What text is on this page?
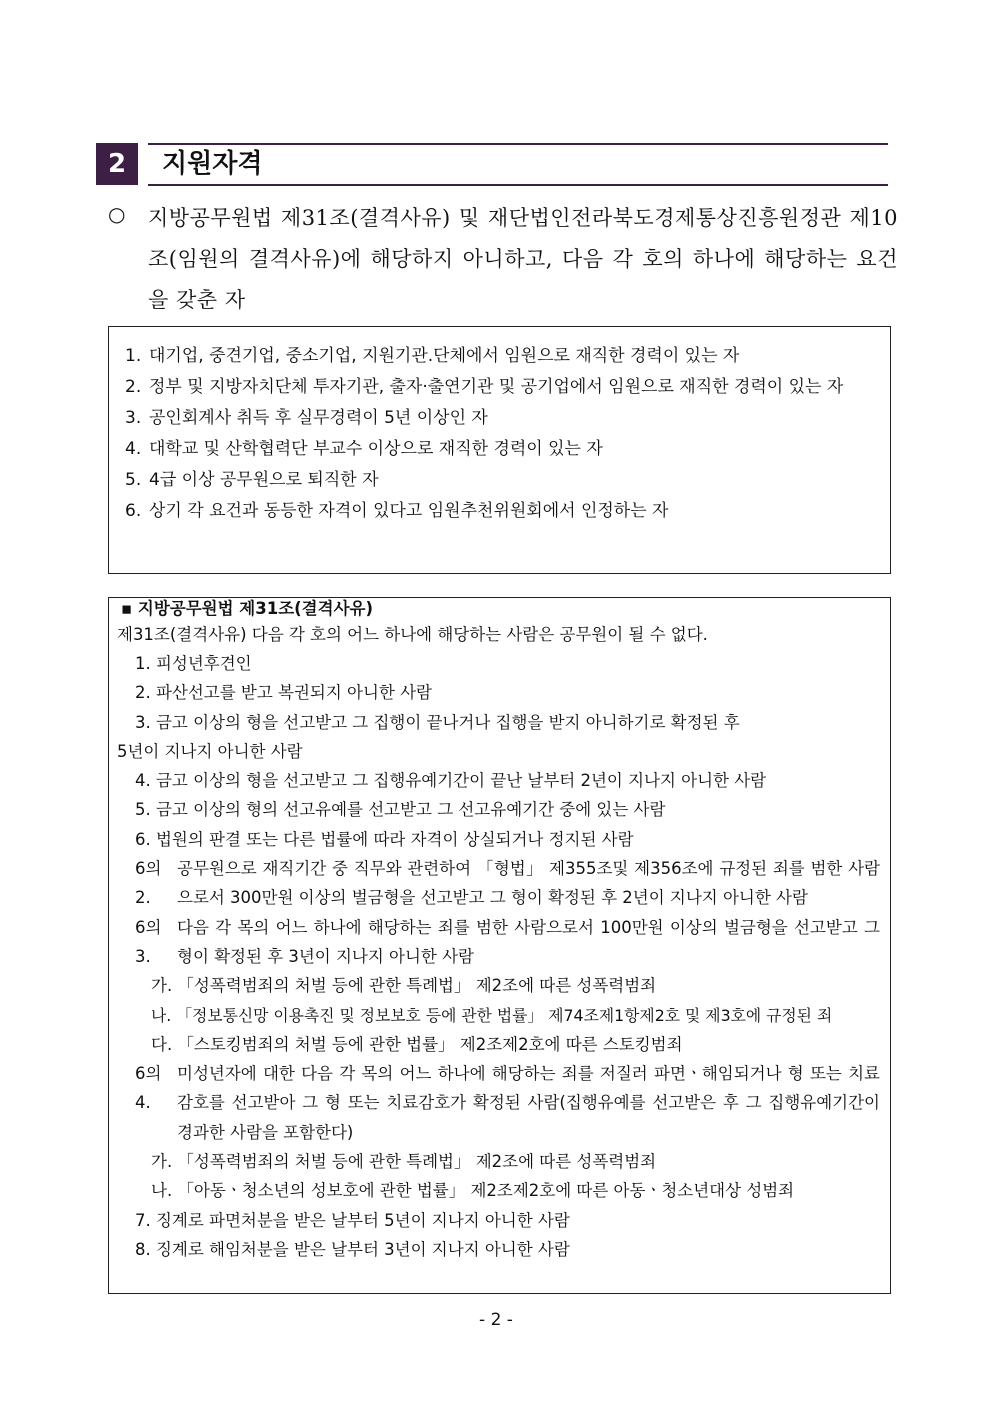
2	지원자격
○ 지방공무원법 제31조(결격사유) 및 재단법인전라북도경제통상진흥원정관 제10조(임원의 결격사유)에 해당하지 아니하고, 다음 각 호의 하나에 해당하는 요건을 갖춘 자
1. 대기업, 중견기업, 중소기업, 지원기관.단체에서 임원으로 재직한 경력이 있는 자
2. 정부 및 지방자치단체 투자기관, 출자·출연기관 및 공기업에서 임원으로 재직한 경력이 있는 자
3. 공인회계사 취득 후 실무경력이 5년 이상인 자
4. 대학교 및 산학협력단 부교수 이상으로 재직한 경력이 있는 자
5. 4급 이상 공무원으로 퇴직한 자
6. 상기 각 요건과 동등한 자격이 있다고 임원추천위원회에서 인정하는 자
▪ 지방공무원법 제31조(결격사유)
제31조(결격사유) 다음 각 호의 어느 하나에 해당하는 사람은 공무원이 될 수 없다.
1. 피성년후견인
2. 파산선고를 받고 복권되지 아니한 사람
3. 금고 이상의 형을 선고받고 그 집행이 끝나거나 집행을 받지 아니하기로 확정된 후
5년이 지나지 아니한 사람
4. 금고 이상의 형을 선고받고 그 집행유예기간이 끝난 날부터 2년이 지나지 아니한 사람
5. 금고 이상의 형의 선고유예를 선고받고 그 선고유예기간 중에 있는 사람
6. 법원의 판결 또는 다른 법률에 따라 자격이 상실되거나 정지된 사람
6의2.
공무원으로 재직기간 중 직무와 관련하여 「형법」 제355조및 제356조에 규정된 죄를 범한 사람으로서 300만원 이상의 벌금형을 선고받고 그 형이 확정된 후 2년이 지나지 아니한 사람
6의3.
다음 각 목의 어느 하나에 해당하는 죄를 범한 사람으로서 100만원 이상의 벌금형을 선고받고 그 형이 확정된 후 3년이 지나지 아니한 사람
가. 「성폭력범죄의 처벌 등에 관한 특례법」 제2조에 따른 성폭력범죄
나. 「정보통신망 이용촉진 및 정보보호 등에 관한 법률」 제74조제1항제2호 및 제3호에 규정된 죄
다. 「스토킹범죄의 처벌 등에 관한 법률」 제2조제2호에 따른 스토킹범죄
6의4.
미성년자에 대한 다음 각 목의 어느 하나에 해당하는 죄를 저질러 파면ㆍ해임되거나 형 또는 치료감호를 선고받아 그 형 또는 치료감호가 확정된 사람(집행유예를 선고받은 후 그 집행유예기간이 경과한 사람을 포함한다)
가. 「성폭력범죄의 처벌 등에 관한 특례법」 제2조에 따른 성폭력범죄
나. 「아동ㆍ청소년의 성보호에 관한 법률」 제2조제2호에 따른 아동ㆍ청소년대상 성범죄
7. 징계로 파면처분을 받은 날부터 5년이 지나지 아니한 사람
8. 징계로 해임처분을 받은 날부터 3년이 지나지 아니한 사람
- 2 -
